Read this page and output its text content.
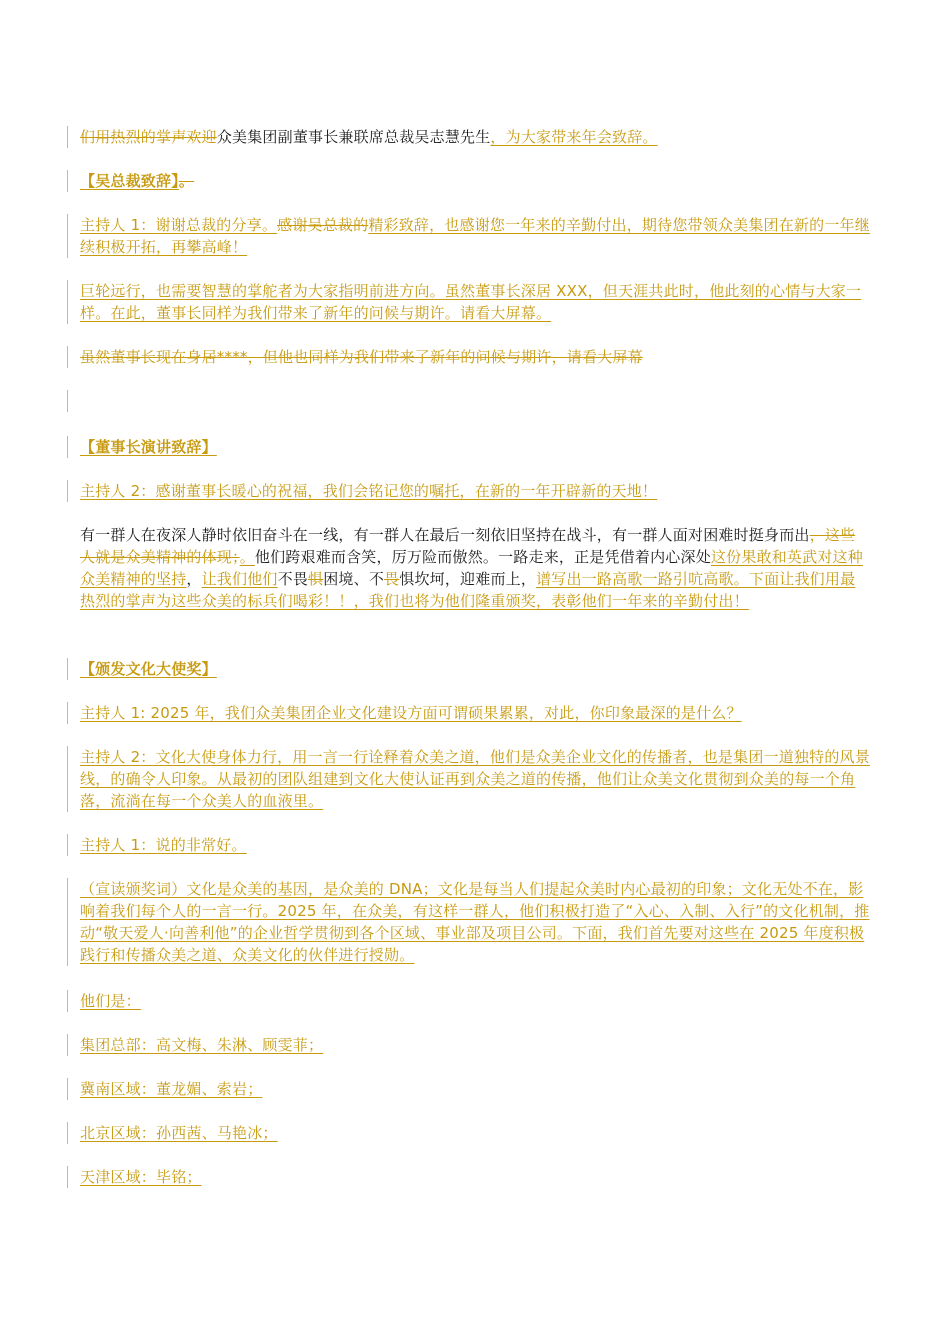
们用热烈的掌声欢迎众美集团副董事长兼联席总裁吴志慧先生，为大家带来年会致辞。
【吴总裁致辞】。
主持人 1：谢谢总裁的分享。感谢吴总裁的精彩致辞，也感谢您一年来的辛勤付出，期待您带领众美集团在新的一年继续积极开拓，再攀高峰！
巨轮远行，也需要智慧的掌舵者为大家指明前进方向。虽然董事长深居 XXX，但天涯共此时，他此刻的心情与大家一样。在此，董事长同样为我们带来了新年的问候与期许。请看大屏幕。
虽然董事长现在身居****，但他也同样为我们带来了新年的问候与期许，请看大屏幕
【董事长演讲致辞】
主持人 2：感谢董事长暖心的祝福，我们会铭记您的嘱托，在新的一年开辟新的天地！
有一群人在夜深人静时依旧奋斗在一线，有一群人在最后一刻依旧坚持在战斗，有一群人面对困难时挺身而出，这些人就是众美精神的体现；。他们跨艰难而含笑，厉万险而傲然。一路走来，正是凭借着内心深处这份果敢和英武对这种众美精神的坚持，让我们他们不畏惧困境、不畏惧坎坷，迎难而上，谱写出一路高歌一路引吭高歌。下面让我们用最热烈的掌声为这些众美的标兵们喝彩！！，我们也将为他们隆重颁奖，表彰他们一年来的辛勤付出！
【颁发文化大使奖】
主持人 1: 2025 年，我们众美集团企业文化建设方面可谓硕果累累，对此，你印象最深的是什么？
主持人 2：文化大使身体力行，用一言一行诠释着众美之道，他们是众美企业文化的传播者，也是集团一道独特的风景线，的确令人印象。从最初的团队组建到文化大使认证再到众美之道的传播，他们让众美文化贯彻到众美的每一个角落，流淌在每一个众美人的血液里。
主持人 1：说的非常好。
（宣读颁奖词）文化是众美的基因，是众美的 DNA；文化是每当人们提起众美时内心最初的印象；文化无处不在，影响着我们每个人的一言一行。2025 年，在众美，有这样一群人，他们积极打造了“入心、入制、入行”的文化机制，推动“敬天爱人·向善利他”的企业哲学贯彻到各个区域、事业部及项目公司。下面，我们首先要对这些在 2025 年度积极践行和传播众美之道、众美文化的伙伴进行授勋。
他们是：
集团总部：高文梅、朱淋、顾雯菲；
冀南区域：董龙媚、索岩；
北京区域：孙西茜、马艳冰；
天津区域：毕铭；
